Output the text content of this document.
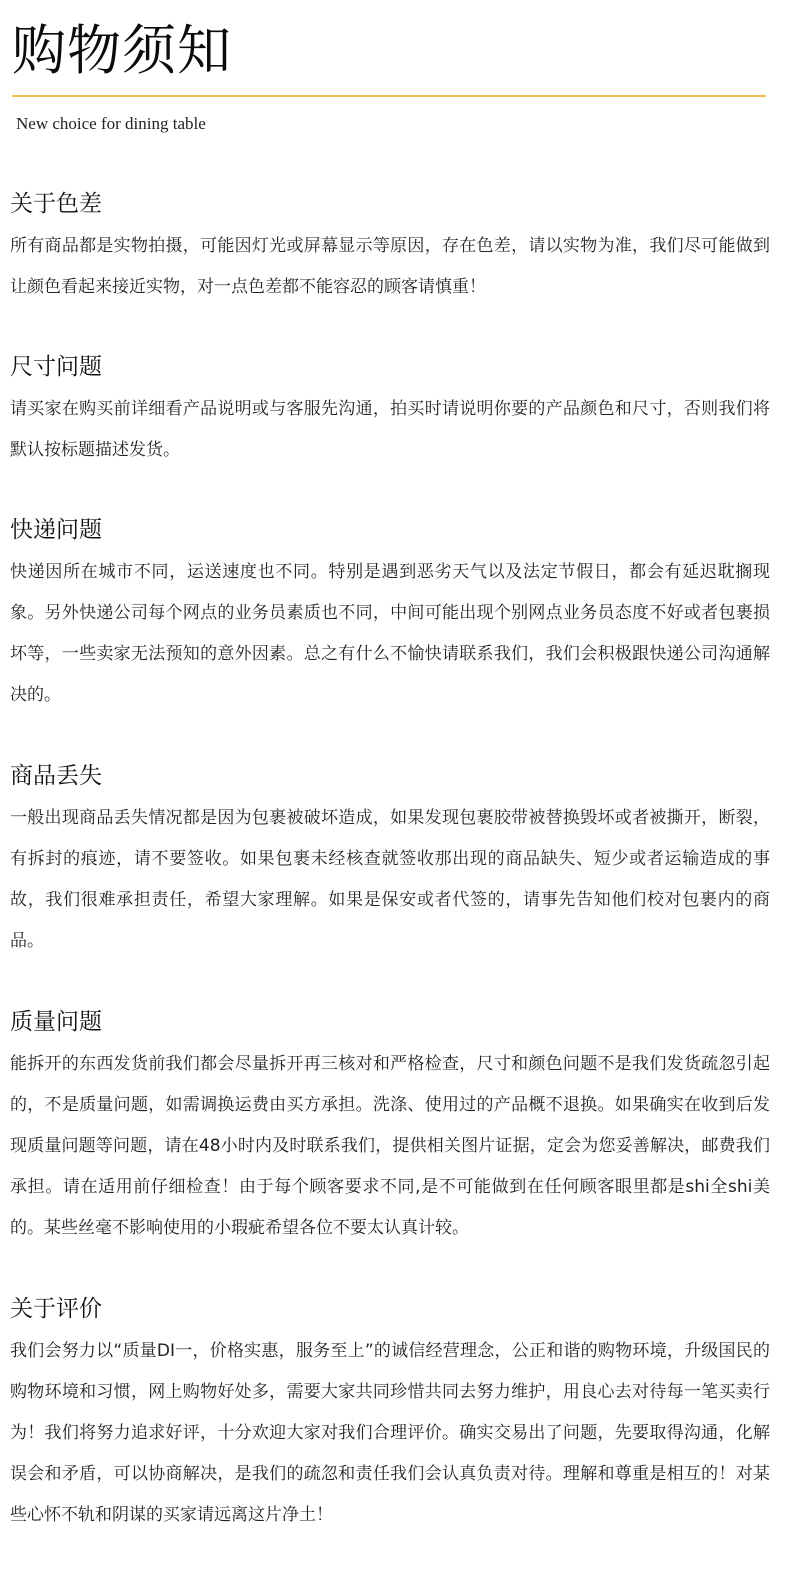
购物须知
New choice for dining table
关于色差

所有商品都是实物拍摄，可能因灯光或屏幕显示等原因，存在色差，请以实物为准，我们尽可能做到让颜色看起来接近实物，对一点色差都不能容忍的顾客请慎重！

尺寸问题

请买家在购买前详细看产品说明或与客服先沟通，拍买时请说明你要的产品颜色和尺寸，否则我们将默认按标题描述发货。

快递问题

快递因所在城市不同，运送速度也不同。特别是遇到恶劣天气以及法定节假日，都会有延迟耽搁现象。另外快递公司每个网点的业务员素质也不同，中间可能出现个别网点业务员态度不好或者包裹损坏等，一些卖家无法预知的意外因素。总之有什么不愉快请联系我们，我们会积极跟快递公司沟通解决的。

商品丢失

一般出现商品丢失情况都是因为包裹被破坏造成，如果发现包裹胶带被替换毁坏或者被撕开，断裂，有拆封的痕迹，请不要签收。如果包裹未经核查就签收那出现的商品缺失、短少或者运输造成的事故，我们很难承担责任，希望大家理解。如果是保安或者代签的，请事先告知他们校对包裹内的商品。

质量问题

能拆开的东西发货前我们都会尽量拆开再三核对和严格检查，尺寸和颜色问题不是我们发货疏忽引起的，不是质量问题，如需调换运费由买方承担。洗涤、使用过的产品概不退换。如果确实在收到后发现质量问题等问题，请在48小时内及时联系我们，提供相关图片证据，定会为您妥善解决，邮费我们承担。请在适用前仔细检查！由于每个顾客要求不同,是不可能做到在任何顾客眼里都是shi全shi美的。某些丝毫不影响使用的小瑕疵希望各位不要太认真计较。

关于评价

我们会努力以“质量DI一，价格实惠，服务至上”的诚信经营理念，公正和谐的购物环境，升级国民的购物环境和习惯，网上购物好处多，需要大家共同珍惜共同去努力维护，用良心去对待每一笔买卖行为！我们将努力追求好评，十分欢迎大家对我们合理评价。确实交易出了问题，先要取得沟通，化解误会和矛盾，可以协商解决，是我们的疏忽和责任我们会认真负责对待。理解和尊重是相互的！对某些心怀不轨和阴谋的买家请远离这片净土！
